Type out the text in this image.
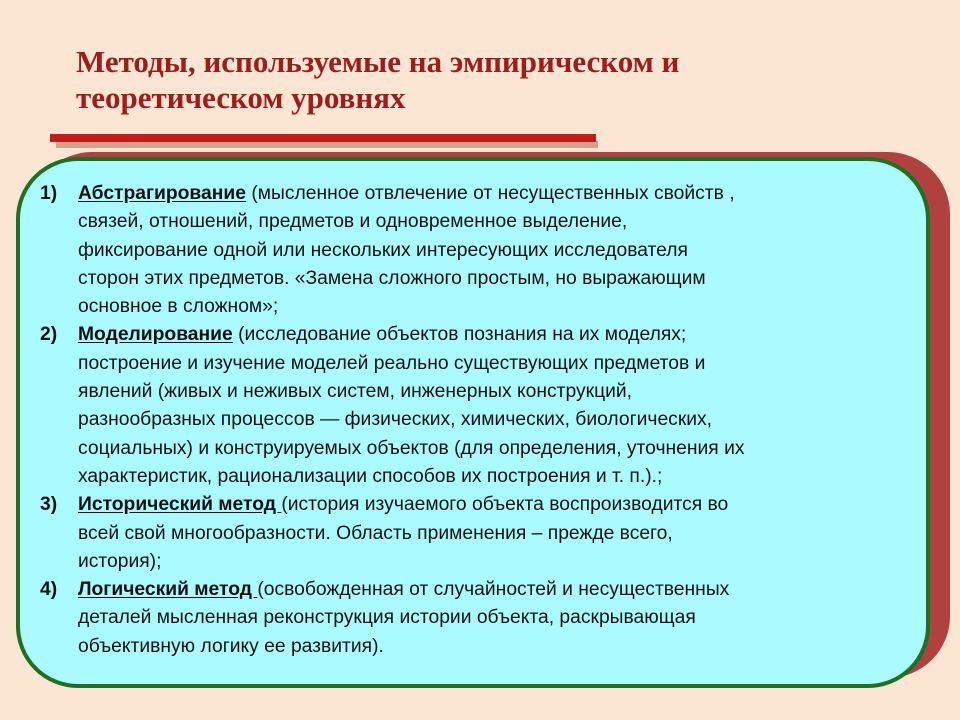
Методы, используемые на эмпирическом и
теоретическом уровнях
1)	Абстрагирование (мысленное отвлечение от несущественных свойств ,
связей, отношений, предметов и одновременное выделение,
фиксирование одной или нескольких интересующих исследователя
сторон этих предметов. «Замена сложного простым, но выражающим
основное в сложном»;
2)	Моделирование (исследование объектов познания на их моделях;
построение и изучение моделей реально существующих предметов и
явлений (живых и неживых систем, инженерных конструкций,
разнообразных процессов — физических, химических, биологических,
социальных) и конструируемых объектов (для определения, уточнения их
характеристик, рационализации способов их построения и т. п.).;
3)	Исторический метод (история изучаемого объекта воспроизводится во
всей свой многообразности. Область применения – прежде всего,
история);
4)	Логический метод (освобожденная от случайностей и несущественных
деталей мысленная реконструкция истории объекта, раскрывающая
объективную логику ее развития).
